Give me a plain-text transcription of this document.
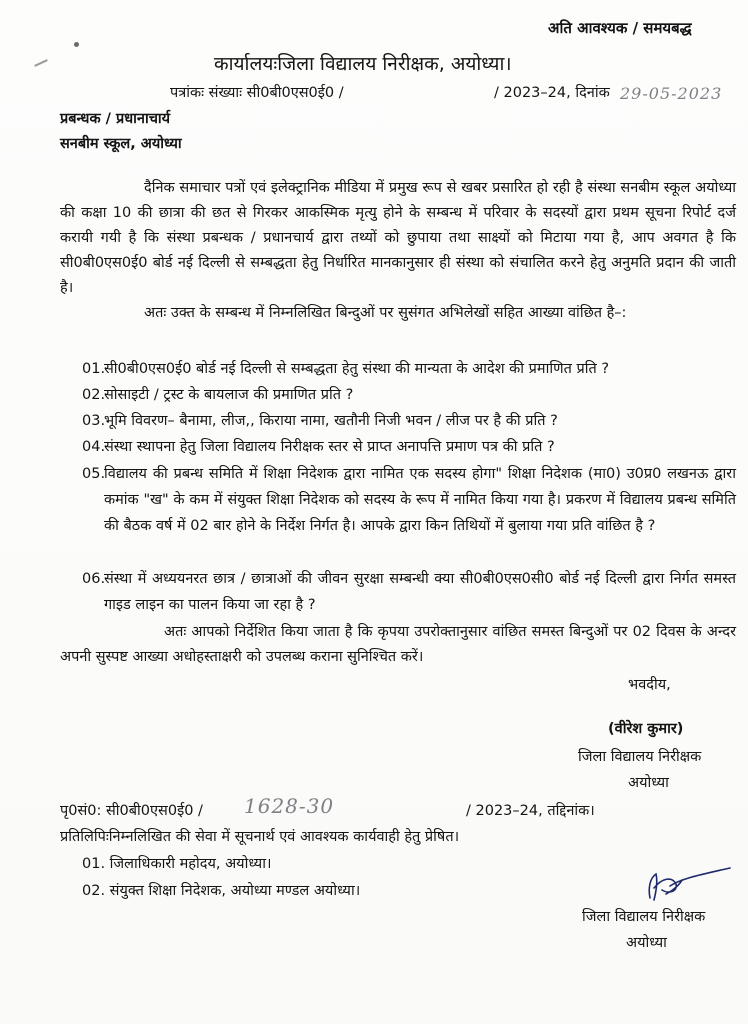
अति आवश्यक / समयबद्ध
कार्यालयःजिला विद्यालय निरीक्षक, अयोध्या।
पत्रांकः संख्याः सी0बी0एस0ई0 /	/ 2023–24, दिनांक 29-05-2023
प्रबन्धक / प्रधानाचार्य
सनबीम स्कूल, अयोध्या
दैनिक समाचार पत्रों एवं इलेक्ट्रानिक मीडिया में प्रमुख रूप से खबर प्रसारित हो रही है संस्था सनबीम स्कूल अयोध्या की कक्षा 10 की छात्रा की छत से गिरकर आकस्मिक मृत्यु होने के सम्बन्ध में परिवार के सदस्यों द्वारा प्रथम सूचना रिपोर्ट दर्ज करायी गयी है कि संस्था प्रबन्धक / प्रधानचार्य द्वारा तथ्यों को छुपाया तथा साक्ष्यों को मिटाया गया है, आप अवगत है कि सी0बी0एस0ई0 बोर्ड नई दिल्ली से सम्बद्धता हेतु निर्धारित मानकानुसार ही संस्था को संचालित करने हेतु अनुमति प्रदान की जाती है।
अतः उक्त के सम्बन्ध में निम्नलिखित बिन्दुओं पर सुसंगत अभिलेखों सहित आख्या वांछित है–:
01.
सी0बी0एस0ई0 बोर्ड नई दिल्ली से सम्बद्धता हेतु संस्था की मान्यता के आदेश की प्रमाणित प्रति ?
02.
सोसाइटी / ट्रस्ट के बायलाज की प्रमाणित प्रति ?
03.
भूमि विवरण– बैनामा, लीज,, किराया नामा, खतौनी निजी भवन / लीज पर है की प्रति ?
04.
संस्था स्थापना हेतु जिला विद्यालय निरीक्षक स्तर से प्राप्त अनापत्ति प्रमाण पत्र की प्रति ?
05.
विद्यालय की प्रबन्ध समिति में शिक्षा निदेशक द्वारा नामित एक सदस्य होगा" शिक्षा निदेशक (मा0) उ0प्र0 लखनऊ द्वारा कमांक "ख" के कम में संयुक्त शिक्षा निदेशक को सदस्य के रूप में नामित किया गया है। प्रकरण में विद्यालय प्रबन्ध समिति की बैठक वर्ष में 02 बार होने के निर्देश निर्गत है। आपके द्वारा किन तिथियों में बुलाया गया प्रति वांछित है ?
06.
संस्था में अध्ययनरत छात्र / छात्राओं की जीवन सुरक्षा सम्बन्धी क्या सी0बी0एस0सी0 बोर्ड नई दिल्ली द्वारा निर्गत समस्त गाइड लाइन का पालन किया जा रहा है ?
अतः आपको निर्देशित किया जाता है कि कृपया उपरोक्तानुसार वांछित समस्त बिन्दुओं पर 02 दिवस के अन्दर अपनी सुस्पष्ट आख्या अधोहस्ताक्षरी को उपलब्ध कराना सुनिश्चित करें।
भवदीय,
(वीरेश कुमार)
जिला विद्यालय निरीक्षक
अयोध्या
पृ0सं0: सी0बी0एस0ई0 / 1628-30	/ 2023–24, तद्दिनांक।
प्रतिलिपिःनिम्नलिखित की सेवा में सूचनार्थ एवं आवश्यक कार्यवाही हेतु प्रेषित।
01. जिलाधिकारी महोदय, अयोध्या।
02. संयुक्त शिक्षा निदेशक, अयोध्या मण्डल अयोध्या।
जिला विद्यालय निरीक्षक
अयोध्या
